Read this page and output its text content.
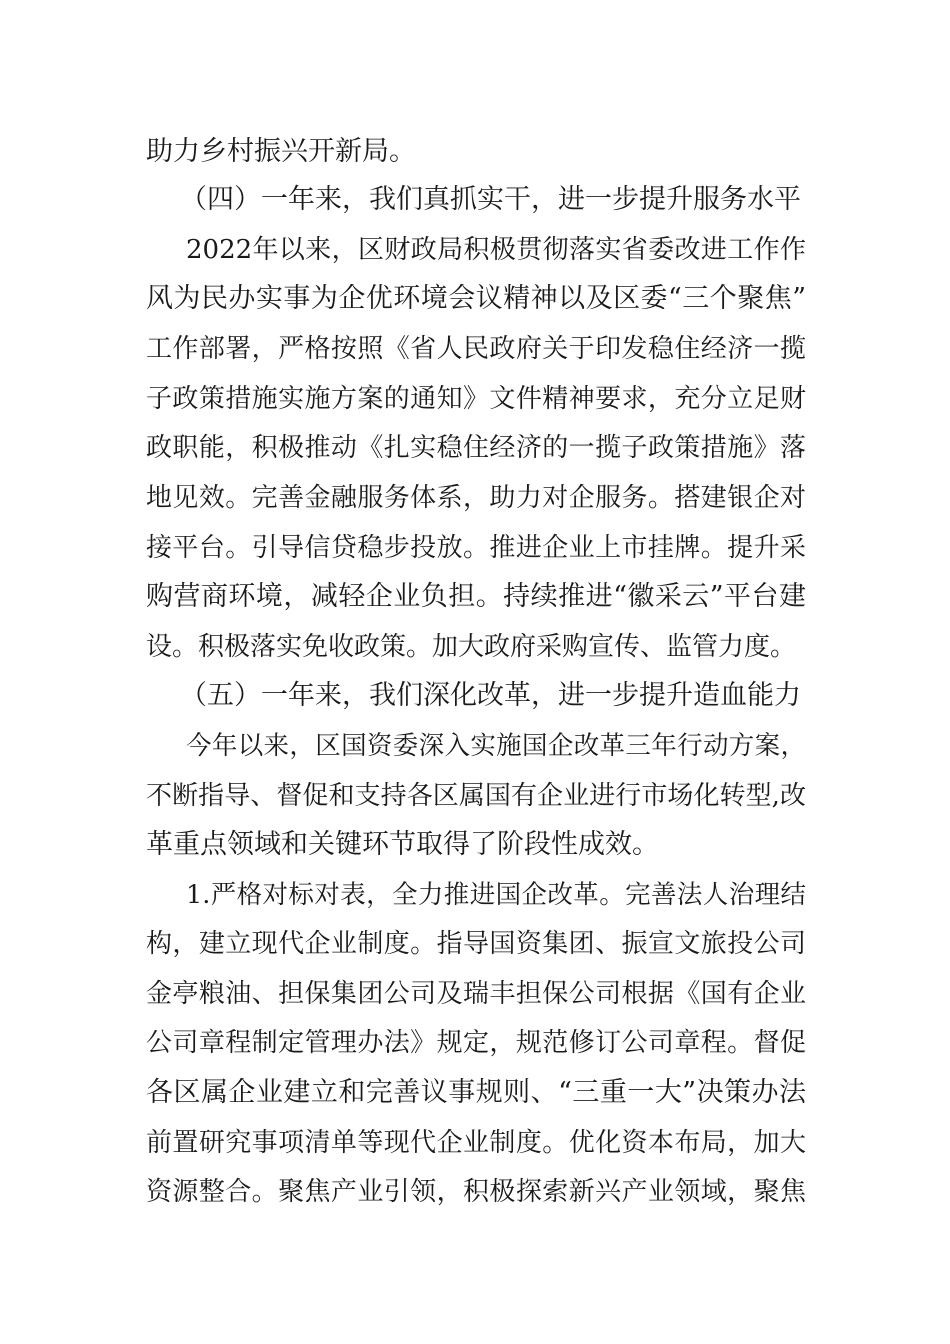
助力乡村振兴开新局。
（四）一年来，我们真抓实干，进一步提升服务水平
2022年以来，区财政局积极贯彻落实省委改进工作作
风为民办实事为企优环境会议精神以及区委“三个聚焦”
工作部署，严格按照《省人民政府关于印发稳住经济一揽
子政策措施实施方案的通知》文件精神要求，充分立足财
政职能，积极推动《扎实稳住经济的一揽子政策措施》落
地见效。完善金融服务体系，助力对企服务。搭建银企对
接平台。引导信贷稳步投放。推进企业上市挂牌。提升采
购营商环境，减轻企业负担。持续推进“徽采云”平台建
设。积极落实免收政策。加大政府采购宣传、监管力度。
（五）一年来，我们深化改革，进一步提升造血能力
今年以来，区国资委深入实施国企改革三年行动方案，
不断指导、督促和支持各区属国有企业进行市场化转型,改
革重点领域和关键环节取得了阶段性成效。
1.严格对标对表，全力推进国企改革。完善法人治理结
构，建立现代企业制度。指导国资集团、振宣文旅投公司
金亭粮油、担保集团公司及瑞丰担保公司根据《国有企业
公司章程制定管理办法》规定，规范修订公司章程。督促
各区属企业建立和完善议事规则、“三重一大”决策办法
前置研究事项清单等现代企业制度。优化资本布局，加大
资源整合。聚焦产业引领，积极探索新兴产业领域，聚焦
